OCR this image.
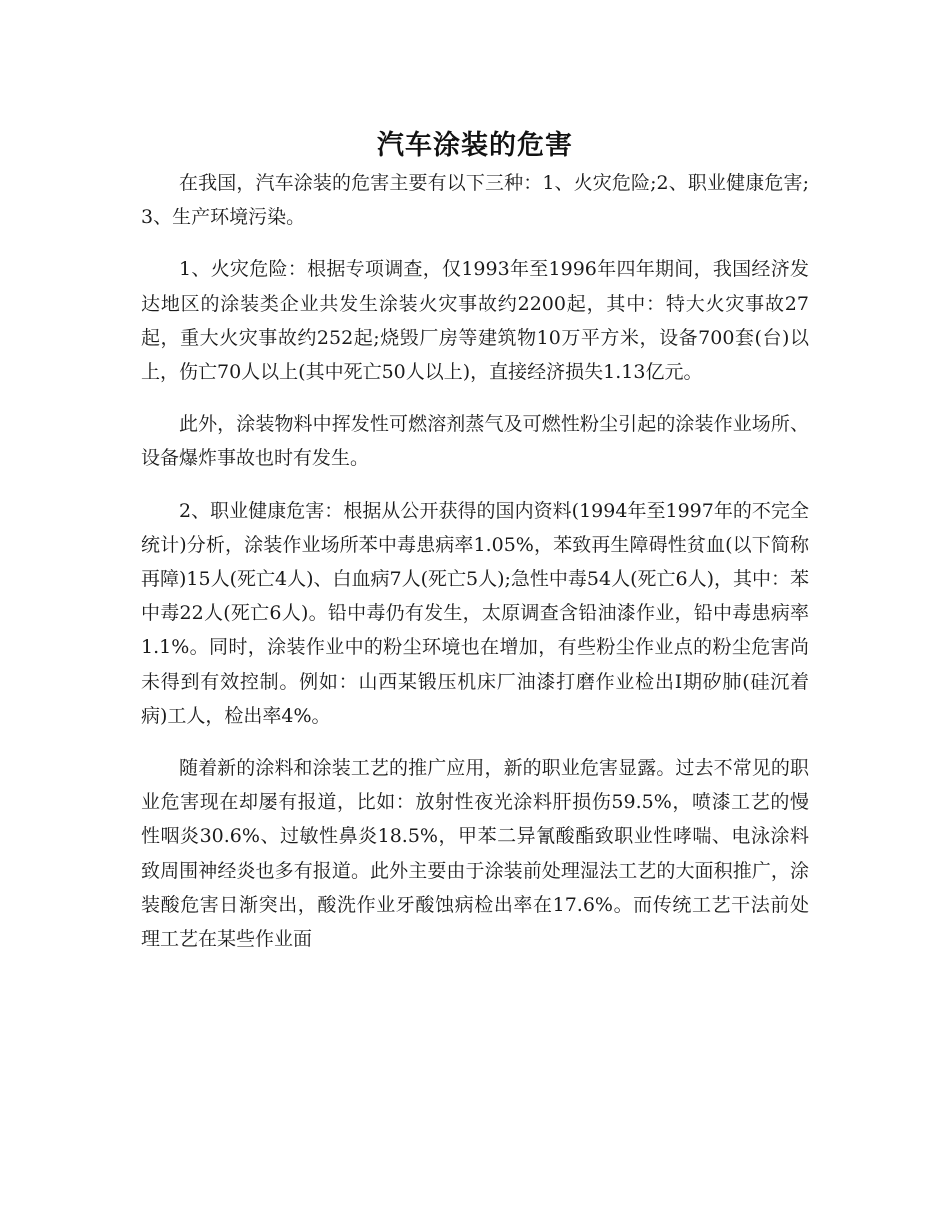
汽车涂装的危害

在我国，汽车涂装的危害主要有以下三种：1、火灾危险;2、职业健康危害;3、生产环境污染。

1、火灾危险：根据专项调查，仅1993年至1996年四年期间，我国经济发达地区的涂装类企业共发生涂装火灾事故约2200起，其中：特大火灾事故27起，重大火灾事故约252起;烧毁厂房等建筑物10万平方米，设备700套(台)以上，伤亡70人以上(其中死亡50人以上)，直接经济损失1.13亿元。

此外，涂装物料中挥发性可燃溶剂蒸气及可燃性粉尘引起的涂装作业场所、设备爆炸事故也时有发生。

2、职业健康危害：根据从公开获得的国内资料(1994年至1997年的不完全统计)分析，涂装作业场所苯中毒患病率1.05%，苯致再生障碍性贫血(以下简称再障)15人(死亡4人)、白血病7人(死亡5人);急性中毒54人(死亡6人)，其中：苯中毒22人(死亡6人)。铅中毒仍有发生，太原调查含铅油漆作业，铅中毒患病率1.1%。同时，涂装作业中的粉尘环境也在增加，有些粉尘作业点的粉尘危害尚未得到有效控制。例如：山西某锻压机床厂油漆打磨作业检出Ⅰ期矽肺(硅沉着病)工人，检出率4%。

随着新的涂料和涂装工艺的推广应用，新的职业危害显露。过去不常见的职业危害现在却屡有报道，比如：放射性夜光涂料肝损伤59.5%，喷漆工艺的慢性咽炎30.6%、过敏性鼻炎18.5%，甲苯二异氰酸酯致职业性哮喘、电泳涂料致周围神经炎也多有报道。此外主要由于涂装前处理湿法工艺的大面积推广，涂装酸危害日渐突出，酸洗作业牙酸蚀病检出率在17.6%。而传统工艺干法前处理工艺在某些作业面
